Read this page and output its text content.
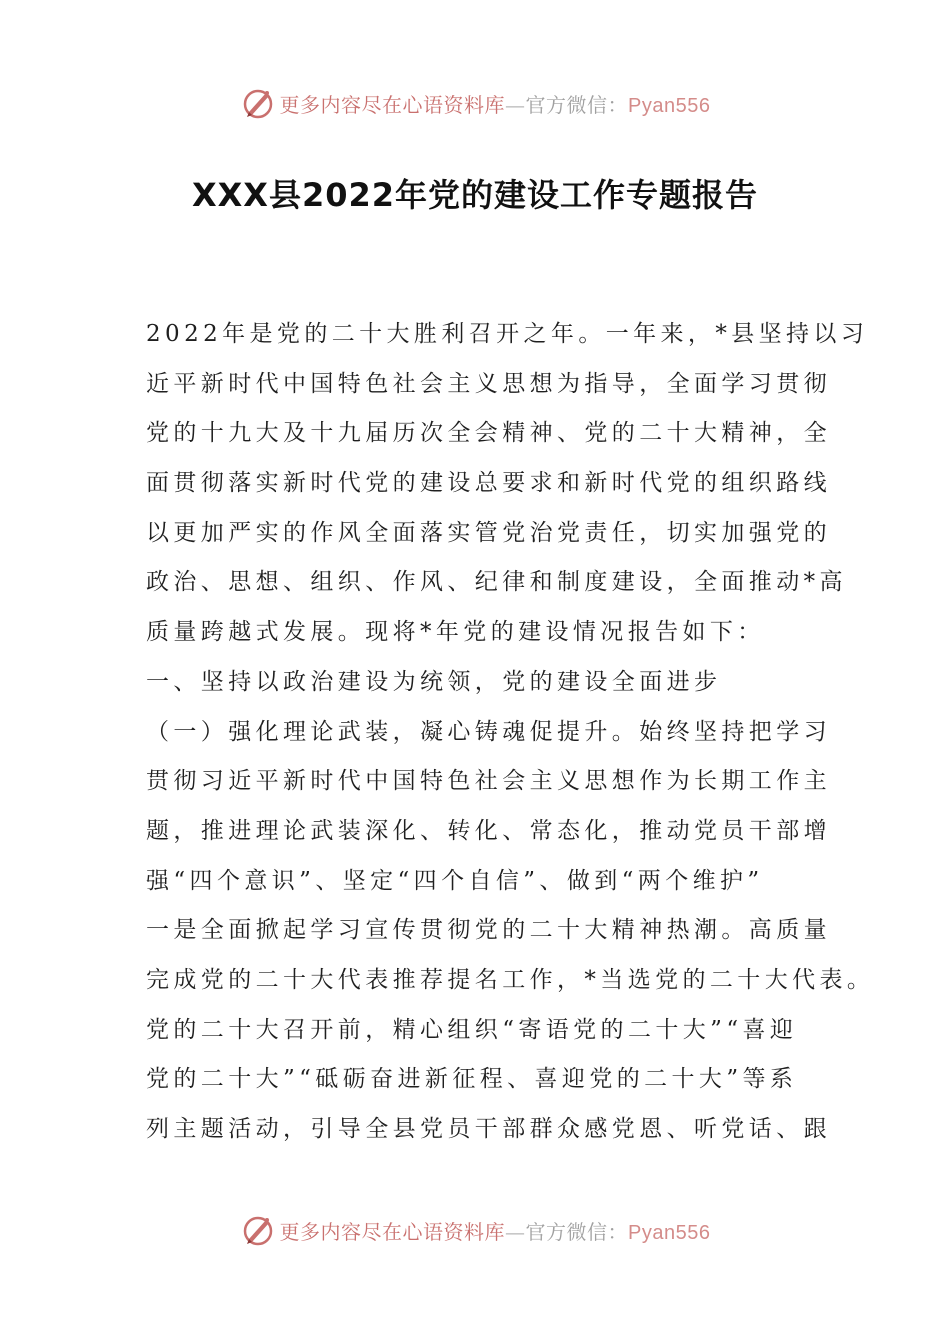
更多内容尽在心语资料库—官方微信：Pyan556
XXX县2022年党的建设工作专题报告
2022年是党的二十大胜利召开之年。一年来，*县坚持以习
近平新时代中国特色社会主义思想为指导，全面学习贯彻
党的十九大及十九届历次全会精神、党的二十大精神，全
面贯彻落实新时代党的建设总要求和新时代党的组织路线
以更加严实的作风全面落实管党治党责任，切实加强党的
政治、思想、组织、作风、纪律和制度建设，全面推动*高
质量跨越式发展。现将*年党的建设情况报告如下：
一、坚持以政治建设为统领，党的建设全面进步
（一）强化理论武装，凝心铸魂促提升。始终坚持把学习
贯彻习近平新时代中国特色社会主义思想作为长期工作主
题，推进理论武装深化、转化、常态化，推动党员干部增
强“四个意识”、坚定“四个自信”、做到“两个维护”
一是全面掀起学习宣传贯彻党的二十大精神热潮。高质量
完成党的二十大代表推荐提名工作，*当选党的二十大代表。
党的二十大召开前，精心组织“寄语党的二十大”“喜迎
党的二十大”“砥砺奋进新征程、喜迎党的二十大”等系
列主题活动，引导全县党员干部群众感党恩、听党话、跟
更多内容尽在心语资料库—官方微信：Pyan556
